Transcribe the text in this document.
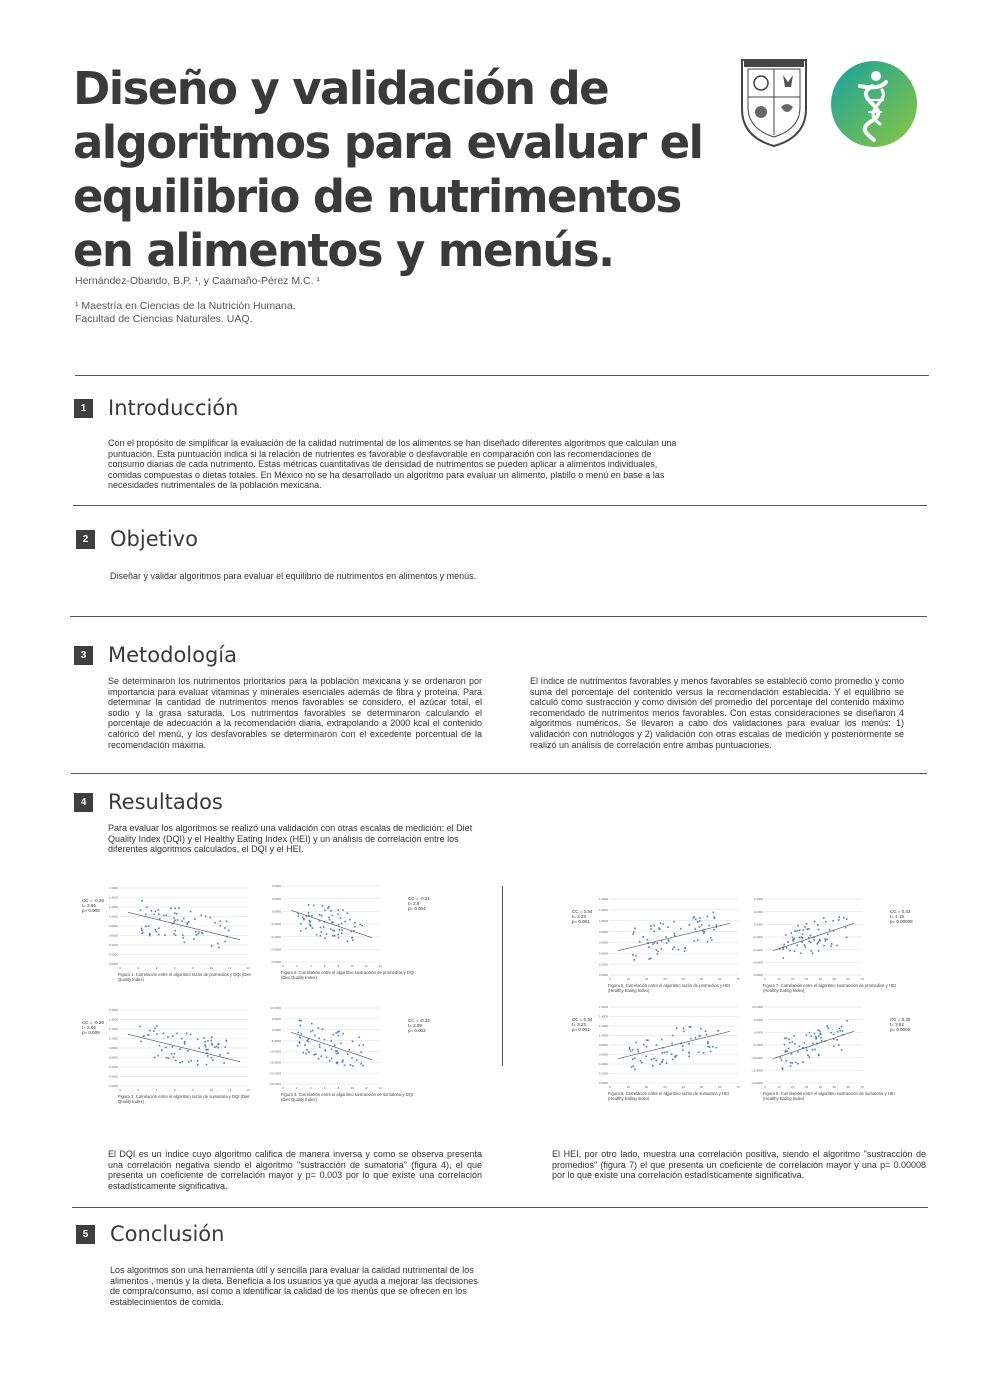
Diseño y validación de algoritmos para evaluar el equilibrio de nutrimentos en alimentos y menús.
Hernández-Obando, B.P. ¹, y Caamaño-Pérez M.C. ¹
¹ Maestría en Ciencias de la Nutrición Humana.
Facultad de Ciencias Naturales. UAQ.
1	Introducción
Con el propósito de simplificar la evaluación de la calidad nutrimental de los alimentos se han diseñado diferentes algoritmos que calculan una puntuación. Esta puntuación indica si la relación de nutrientes es favorable o desfavorable en comparación con las recomendaciones de consumo diarias de cada nutrimento. Estas métricas cuantitativas de densidad de nutrimentos se pueden aplicar a alimentos individuales, comidas compuestas o dietas totales. En México no se ha desarrollado un algoritmo para evaluar un alimento, platillo o menú en base a las necesidades nutrimentales de la población mexicana.
2	Objetivo
Diseñar y validar algoritmos para evaluar el equilibrio de nutrimentos en alimentos y menús.
3	Metodología
Se determinaron los nutrimentos prioritarios para la población mexicana y se ordenaron por importancia para evaluar vitaminas y minerales esenciales además de fibra y proteína. Para determinar la cantidad de nutrimentos menos favorables se considero, el azúcar total, el sodio y la grasa saturada. Los nutrimentos favorables se determinaron calculando el porcentaje de adecuación a la recomendación diaria, extrapolando a 2000 kcal el contenido calórico del menú, y los desfavorables se determinaron con el excedente porcentual de la recomendación máxima.
El índice de nutrimentos favorables y menos favorables se estableció como promedio y como suma del porcentaje del contenido versus la recomendación establecida. Y el equilibrio se calculó como sustracción y como división del promedio del porcentaje del contenido máximo recomendado de nutrimentos menos favorables. Con estas consideraciones se diseñaron 4 algoritmos numéricos. Se llevaron a cabo dos validaciones para evaluar los menús: 1) validación con nutriólogos y 2) validación con otras escalas de medición y posteriormente se realizó un análisis de correlación entre ambas puntuaciones.
4	Resultados
Para evaluar los algoritmos se realizó una validación con otras escalas de medición: el Diet Quality Index (DQI) y el Healthy Eating Index (HEI) y un análisis de correlación entre los diferentes algoritmos calculados, el DQI y el HEI.
1.6000
1.4000
1.2000
1.0000
0.8000
0.6000
0.4000
0.2000
0.0000
0	2	4	6	8	10	12	14
CC = -0.29
t= 2.66
p= 0.009
Figura 1. Correlación entre el algoritmo razón de promedios y DQI (Diet
Quality Index)
0.4000
0.2000
0.0000
-0.2000
-0.4000
-0.6000
-0.8000
0	2	4	6	8	10	12	14
CC = -0.31
t= 2.9
p= 0.004
Figura 2. Correlación entre el algoritmo sustracción de promedios y DQI
(Diet Quality Index)
1.6000
1.4000
1.2000
1.0000
0.8000
0.6000
0.4000
0.2000
0.0000
0	2	4	6	8	10	12	14
CC = -0.29
t= 2.66
p= 0.009
Figura 3. Correlación entre el algoritmo razón de sumatoria y DQI (Diet
Quality Index)
10.0000
5.0000
0.0000
-5.0000
-10.0000
-15.0000
-20.0000
-25.0000
0	2	4	6	8	10	12	14
CC = -0.32
t= 2.99
p= 0.003
Figura 4. Correlación entre el algoritmo sustracción de sumatoria y DQI
(Diet Quality Index)
1.4000
1.2000
1.0000
0.8000
0.6000
0.4000
0.2000
0.0000
0	10	20	30	40	50	60	70
CC = 0.34
t= 3.23
p= 0.001
Figura 5. Correlación entre el algoritmo razón de promedios y HEI
(Healthy Eating Index)
0.4000
0.2000
0.0000
-0.2000
-0.4000
-0.6000
-0.8000
0	10	20	30	40	50	60	70
CC = 0.42
t= 4.19
p= 0.00008
Figura 7. Correlación entre el algoritmo sustracción de promedios y HEI
(Healthy Eating Index)
1.6000
1.4000
1.2000
1.0000
0.8000
0.6000
0.4000
0.2000
0.0000
0	10	20	30	40	50	60	70
CC = 0.34
t= 3.23
p= 0.001
Figura 6. Correlación entre el algoritmo razón de sumatoria y HEI
(Healthy Eating Index)
10.0000
5.0000
0.0000
-5.0000
-10.0000
-15.0000
-20.0000
0	10	20	30	40	50	60	70
CC = 0.30
t= 3.62
p= 0.0005
Figura 8. Correlación entre el algoritmo sustracción de sumatoria y HEI
(Healthy Eating Index)
El DQI es un índice cuyo algoritmo califica de manera inversa y como se observa presenta una correlación negativa siendo el algoritmo "sustracción de sumatoria" (figura 4), el que presenta un coeficiente de correlación mayor y p= 0.003 por lo que existe una correlación estadísticamente significativa.
El HEI, por otro lado, muestra una correlación positiva, siendo el algoritmo "sustracción de promedios" (figura 7) el que presenta un coeficiente de correlación mayor y una p= 0.00008 por lo que existe una correlación estadísticamente significativa.
5	Conclusión
Los algoritmos son una herramienta útil y sencilla para evaluar la calidad nutrimental de los alimentos , menús y la dieta. Beneficia a los usuarios ya que ayuda a mejorar las decisiones de compra/consumo, así como a identificar la calidad de los menús que se ofrecen en los establecimientos de comida.
